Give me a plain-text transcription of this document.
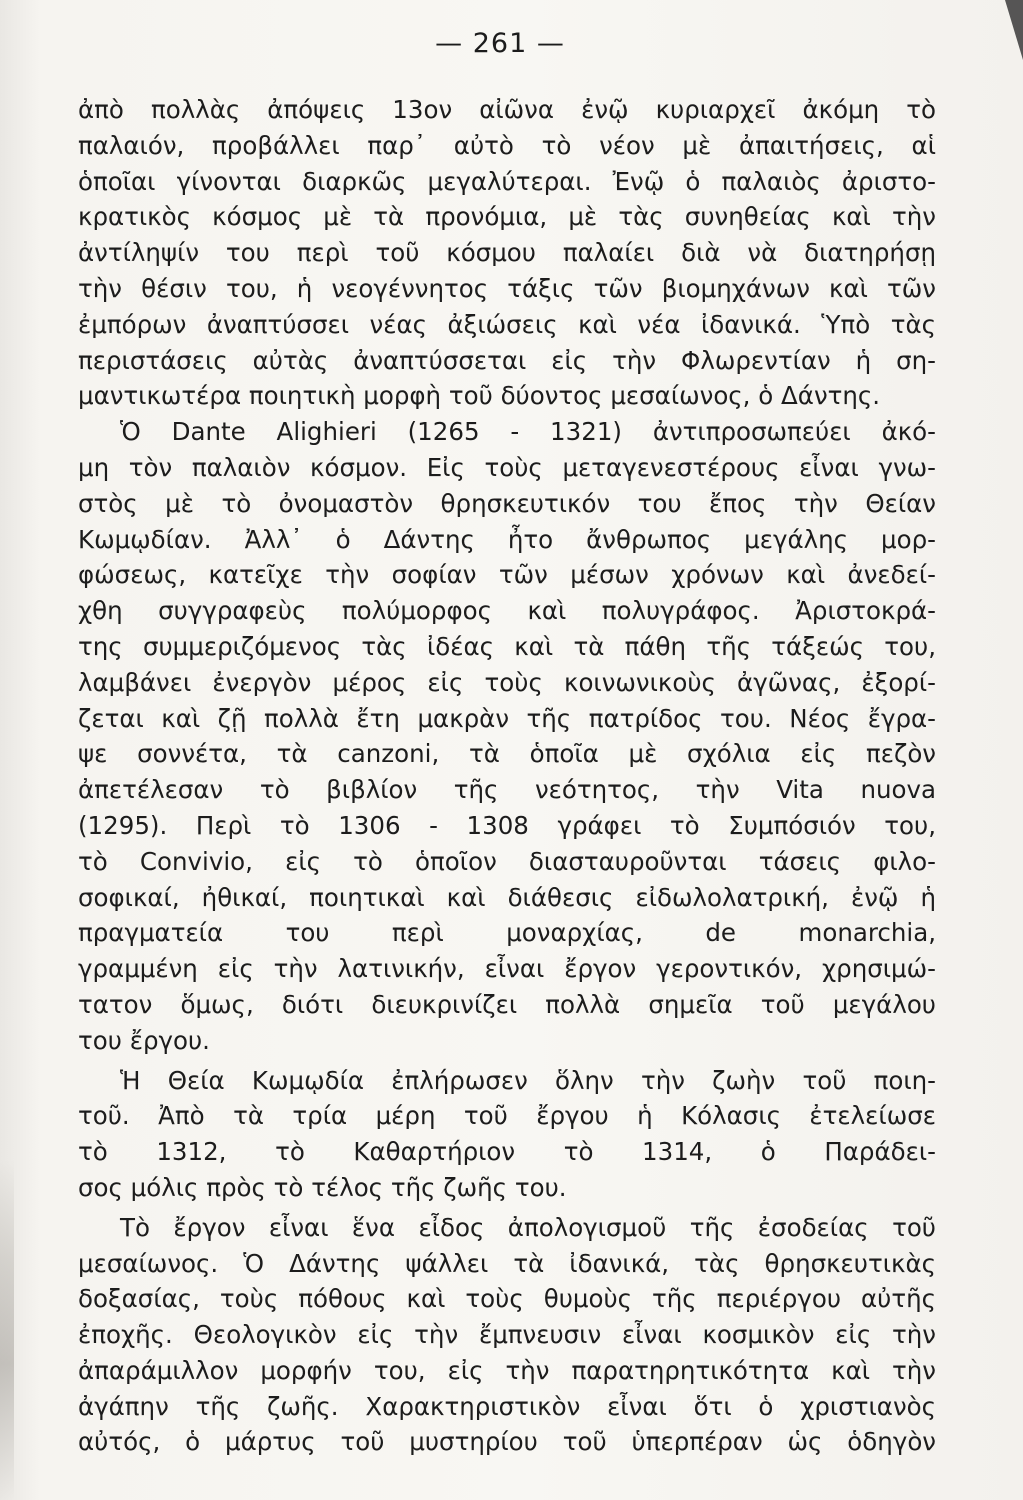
— 261 —

ἀπὸ πολλὰς ἀπόψεις 13ον αἰῶνα ἐνῷ κυριαρχεῖ ἀκόμη τὸ

παλαιόν, προβάλλει παρ᾽ αὐτὸ τὸ νέον μὲ ἀπαιτήσεις, αἱ

ὁποῖαι γίνονται διαρκῶς μεγαλύτεραι. Ἐνῷ ὁ παλαιὸς ἀριστο-

κρατικὸς κόσμος μὲ τὰ προνόμια, μὲ τὰς συνηθείας καὶ τὴν

ἀντίληψίν του περὶ τοῦ κόσμου παλαίει διὰ νὰ διατηρήσῃ

τὴν θέσιν του, ἡ νεογέννητος τάξις τῶν βιομηχάνων καὶ τῶν

ἐμπόρων ἀναπτύσσει νέας ἀξιώσεις καὶ νέα ἰδανικά. Ὑπὸ τὰς

περιστάσεις αὐτὰς ἀναπτύσσεται εἰς τὴν Φλωρεντίαν ἡ ση-

μαντικωτέρα ποιητικὴ μορφὴ τοῦ δύοντος μεσαίωνος, ὁ Δάντης.

Ὁ Dante Alighieri (1265 - 1321) ἀντιπροσωπεύει ἀκό-

μη τὸν παλαιὸν κόσμον. Εἰς τοὺς μεταγενεστέρους εἶναι γνω-

στὸς μὲ τὸ ὀνομαστὸν θρησκευτικόν του ἔπος τὴν Θείαν

Κωμῳδίαν. Ἀλλ᾽ ὁ Δάντης ἦτο ἄνθρωπος μεγάλης μορ-

φώσεως, κατεῖχε τὴν σοφίαν τῶν μέσων χρόνων καὶ ἀνεδεί-

χθη συγγραφεὺς πολύμορφος καὶ πολυγράφος. Ἀριστοκρά-

της συμμεριζόμενος τὰς ἰδέας καὶ τὰ πάθη τῆς τάξεώς του,

λαμβάνει ἐνεργὸν μέρος εἰς τοὺς κοινωνικοὺς ἀγῶνας, ἐξορί-

ζεται καὶ ζῇ πολλὰ ἔτη μακρὰν τῆς πατρίδος του. Νέος ἔγρα-

ψε σοννέτα, τὰ canzoni, τὰ ὁποῖα μὲ σχόλια εἰς πεζὸν

ἀπετέλεσαν τὸ βιβλίον τῆς νεότητος, τὴν Vita nuova

(1295). Περὶ τὸ 1306 - 1308 γράφει τὸ Συμπόσιόν του,

τὸ Convivio, εἰς τὸ ὁποῖον διασταυροῦνται τάσεις φιλο-

σοφικαί, ἠθικαί, ποιητικαὶ καὶ διάθεσις εἰδωλολατρική, ἐνῷ ἡ

πραγματεία του περὶ μοναρχίας, de monarchia,

γραμμένη εἰς τὴν λατινικήν, εἶναι ἔργον γεροντικόν, χρησιμώ-

τατον ὅμως, διότι διευκρινίζει πολλὰ σημεῖα τοῦ μεγάλου

του ἔργου.

Ἡ Θεία Κωμῳδία ἐπλήρωσεν ὅλην τὴν ζωὴν τοῦ ποιη-

τοῦ. Ἀπὸ τὰ τρία μέρη τοῦ ἔργου ἡ Κόλασις ἐτελείωσε

τὸ 1312, τὸ Καθαρτήριον τὸ 1314, ὁ Παράδει-

σος μόλις πρὸς τὸ τέλος τῆς ζωῆς του.

Τὸ ἔργον εἶναι ἕνα εἶδος ἀπολογισμοῦ τῆς ἐσοδείας τοῦ

μεσαίωνος. Ὁ Δάντης ψάλλει τὰ ἰδανικά, τὰς θρησκευτικὰς

δοξασίας, τοὺς πόθους καὶ τοὺς θυμοὺς τῆς περιέργου αὐτῆς

ἐποχῆς. Θεολογικὸν εἰς τὴν ἔμπνευσιν εἶναι κοσμικὸν εἰς τὴν

ἀπαράμιλλον μορφήν του, εἰς τὴν παρατηρητικότητα καὶ τὴν

ἀγάπην τῆς ζωῆς. Χαρακτηριστικὸν εἶναι ὅτι ὁ χριστιανὸς

αὐτός, ὁ μάρτυς τοῦ μυστηρίου τοῦ ὑπερπέραν ὡς ὁδηγὸν
